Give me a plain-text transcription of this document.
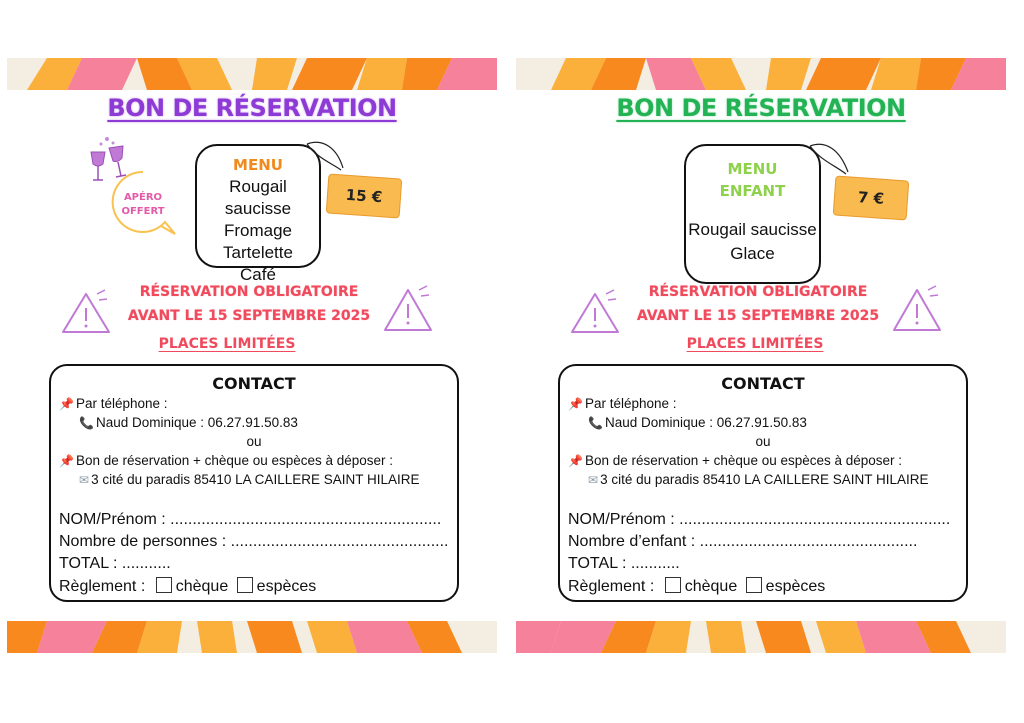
BON DE RÉSERVATION
APÉRO
OFFERT
MENU
Rougail saucisse
Fromage
Tartelette
Café
15 €
RÉSERVATION OBLIGATOIRE
AVANT LE 15 SEPTEMBRE 2025
PLACES LIMITÉES
CONTACT
📌 Par téléphone :
📞 Naud Dominique : 06.27.91.50.83
ou
📌 Bon de réservation + chèque ou espèces à déposer :
✉ 3 cité du paradis 85410 LA CAILLERE SAINT HILAIRE
NOM/Prénom : .............................................................
Nombre de personnes : .................................................
TOTAL : ...........
Règlement : chèque espèces
BON DE RÉSERVATION
MENU
ENFANT
Rougail saucisse
Glace
7 €
RÉSERVATION OBLIGATOIRE
AVANT LE 15 SEPTEMBRE 2025
PLACES LIMITÉES
CONTACT
📌 Par téléphone :
📞 Naud Dominique : 06.27.91.50.83
ou
📌 Bon de réservation + chèque ou espèces à déposer :
✉ 3 cité du paradis 85410 LA CAILLERE SAINT HILAIRE
NOM/Prénom : .............................................................
Nombre d’enfant : .................................................
TOTAL : ...........
Règlement : chèque espèces
